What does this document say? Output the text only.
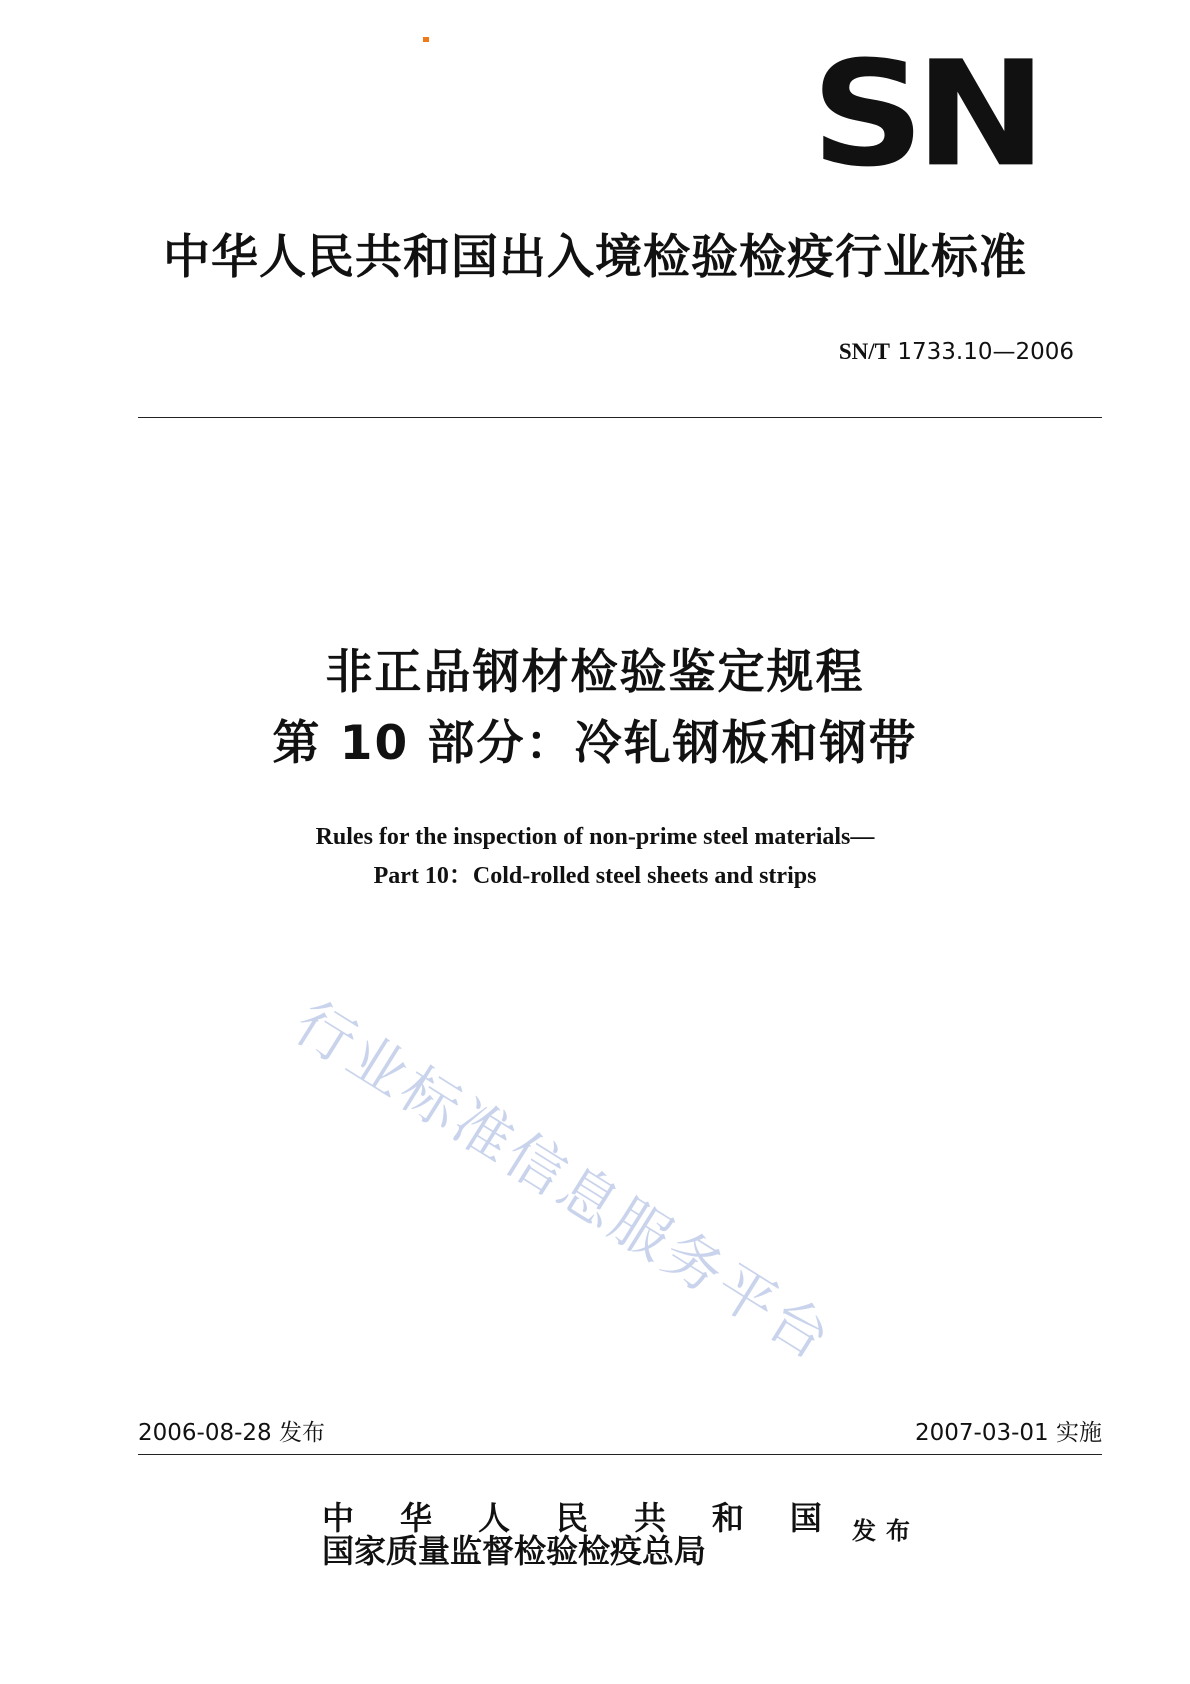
SN
中华人民共和国出入境检验检疫行业标准
SN/T 1733.10—2006
非正品钢材检验鉴定规程
第 10 部分：冷轧钢板和钢带
Rules for the inspection of non-prime steel materials—
Part 10：Cold-rolled steel sheets and strips
行业标准信息服务平台
2006-08-28 发布	2007-03-01 实施
中 华 人 民 共 和 国
国家质量监督检验检疫总局
发布
